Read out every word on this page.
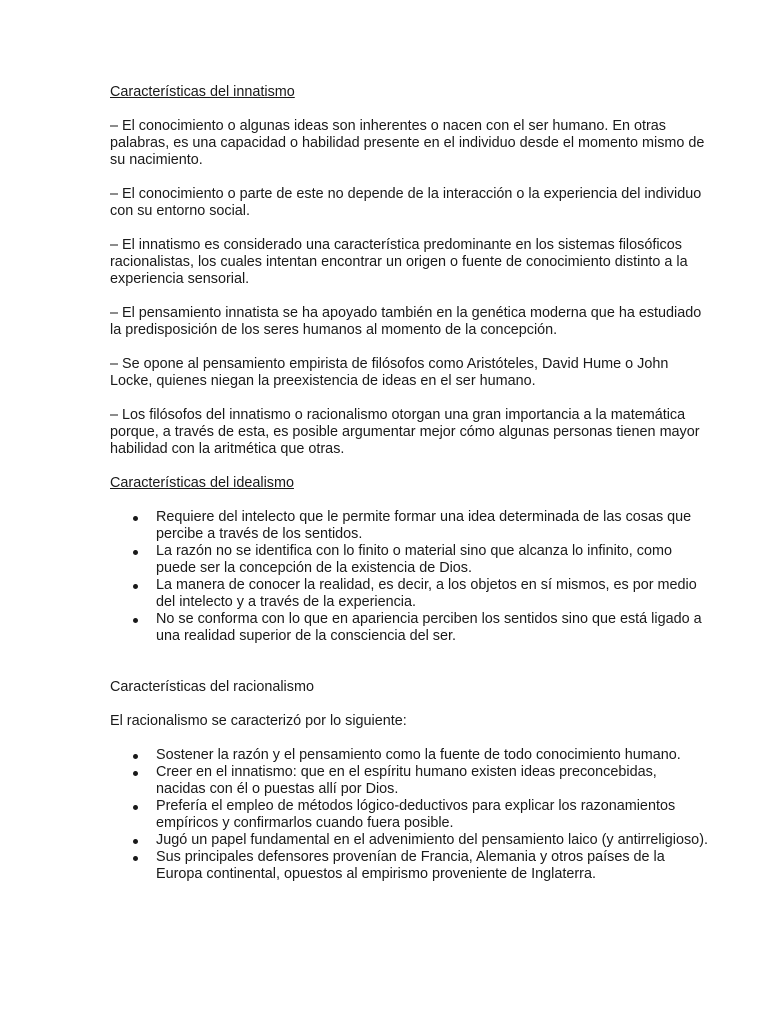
Características del innatismo

– El conocimiento o algunas ideas son inherentes o nacen con el ser humano. En otras palabras, es una capacidad o habilidad presente en el individuo desde el momento mismo de su nacimiento.

– El conocimiento o parte de este no depende de la interacción o la experiencia del individuo con su entorno social.

– El innatismo es considerado una característica predominante en los sistemas filosóficos racionalistas, los cuales intentan encontrar un origen o fuente de conocimiento distinto a la experiencia sensorial.

– El pensamiento innatista se ha apoyado también en la genética moderna que ha estudiado la predisposición de los seres humanos al momento de la concepción.

– Se opone al pensamiento empirista de filósofos como Aristóteles, David Hume o John Locke, quienes niegan la preexistencia de ideas en el ser humano.

– Los filósofos del innatismo o racionalismo otorgan una gran importancia a la matemática porque, a través de esta, es posible argumentar mejor cómo algunas personas tienen mayor habilidad con la aritmética que otras.

Características del idealismo
Requiere del intelecto que le permite formar una idea determinada de las cosas que percibe a través de los sentidos.
La razón no se identifica con lo finito o material sino que alcanza lo infinito, como puede ser la concepción de la existencia de Dios.
La manera de conocer la realidad, es decir, a los objetos en sí mismos, es por medio del intelecto y a través de la experiencia.
No se conforma con lo que en apariencia perciben los sentidos sino que está ligado a una realidad superior de la consciencia del ser.
Características del racionalismo

El racionalismo se caracterizó por lo siguiente:

Sostener la razón y el pensamiento como la fuente de todo conocimiento humano.
Creer en el innatismo: que en el espíritu humano existen ideas preconcebidas, nacidas con él o puestas allí por Dios.
Prefería el empleo de métodos lógico-deductivos para explicar los razonamientos empíricos y confirmarlos cuando fuera posible.
Jugó un papel fundamental en el advenimiento del pensamiento laico (y antirreligioso).
Sus principales defensores provenían de Francia, Alemania y otros países de la Europa continental, opuestos al empirismo proveniente de Inglaterra.
